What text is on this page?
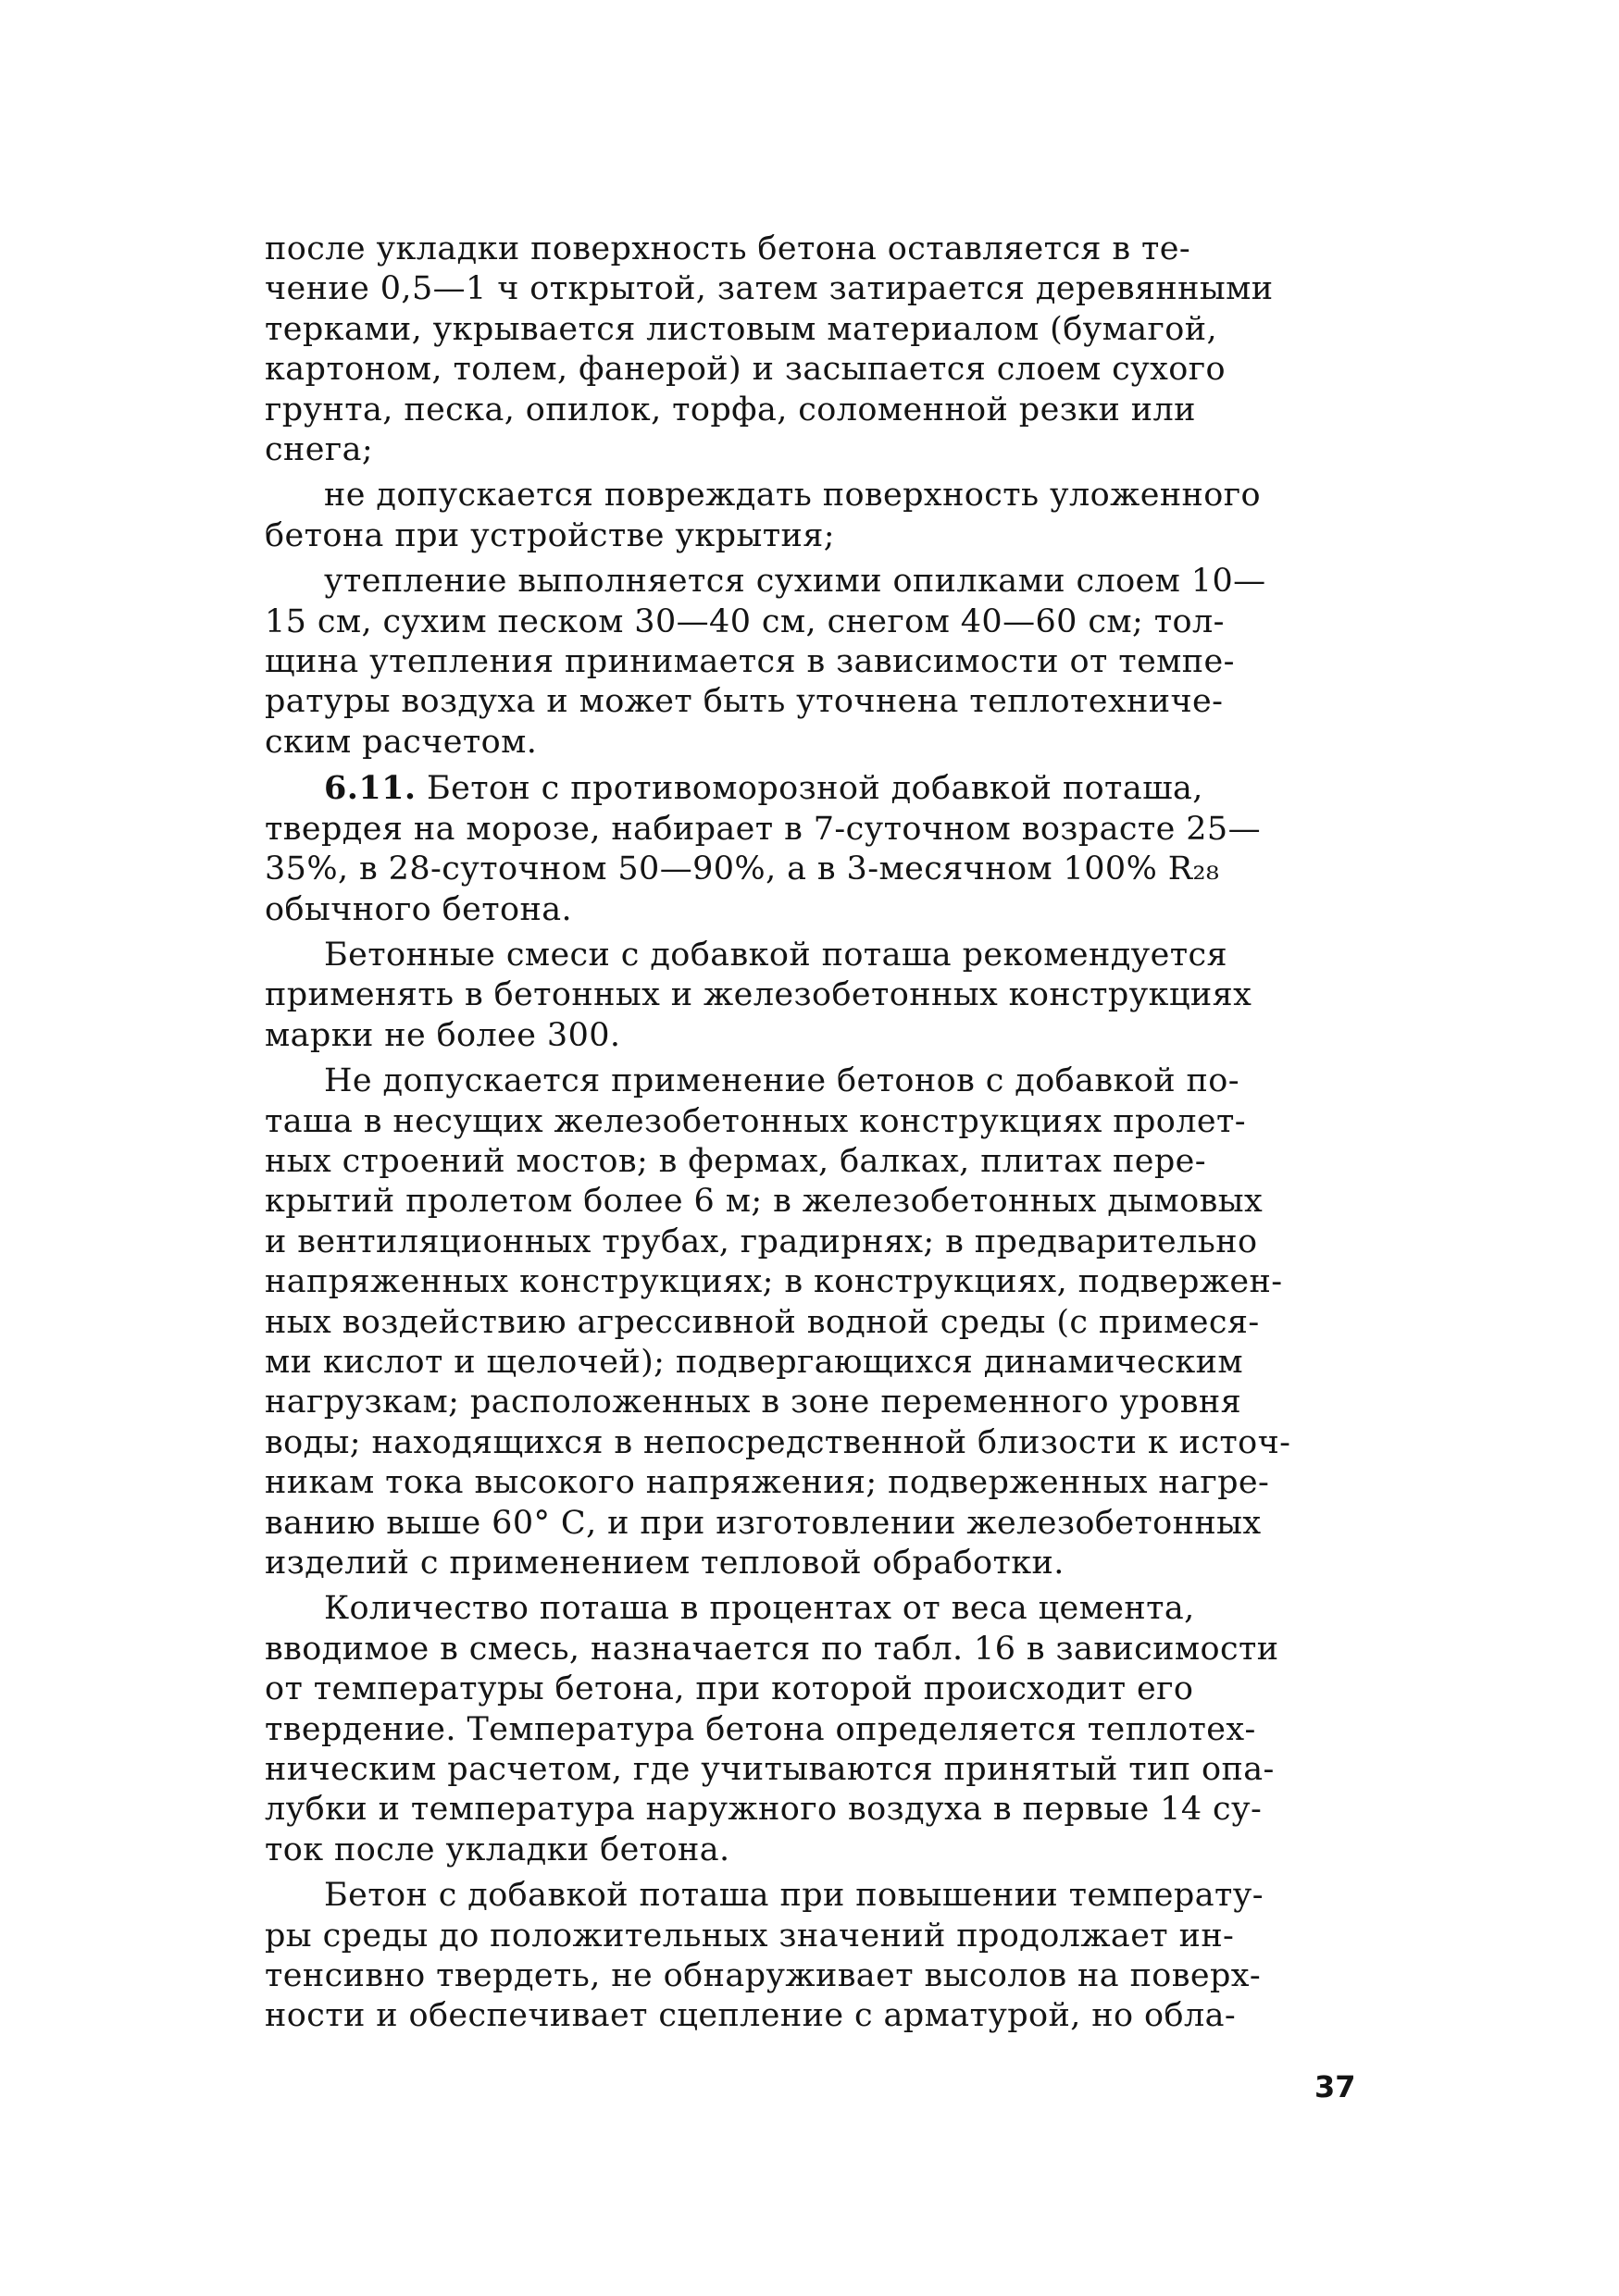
после укладки поверхность бетона оставляется в те-
чение 0,5—1 ч открытой, затем затирается деревянными
терками, укрывается листовым материалом (бумагой,
картоном, толем, фанерой) и засыпается слоем сухого
грунта, песка, опилок, торфа, соломенной резки или
снега;
не допускается повреждать поверхность уложенного
бетона при устройстве укрытия;
утепление выполняется сухими опилками слоем 10—
15 см, сухим песком 30—40 см, снегом 40—60 см; тол-
щина утепления принимается в зависимости от темпе-
ратуры воздуха и может быть уточнена теплотехниче-
ским расчетом.
6.11. Бетон с противоморозной добавкой поташа,
твердея на морозе, набирает в 7-суточном возрасте 25—
35%, в 28-суточном 50—90%, а в 3-месячном 100% R₂₈
обычного бетона.
Бетонные смеси с добавкой поташа рекомендуется
применять в бетонных и железобетонных конструкциях
марки не более 300.
Не допускается применение бетонов с добавкой по-
таша в несущих железобетонных конструкциях пролет-
ных строений мостов; в фермах, балках, плитах пере-
крытий пролетом более 6 м; в железобетонных дымовых
и вентиляционных трубах, градирнях; в предварительно
напряженных конструкциях; в конструкциях, подвержен-
ных воздействию агрессивной водной среды (с примеся-
ми кислот и щелочей); подвергающихся динамическим
нагрузкам; расположенных в зоне переменного уровня
воды; находящихся в непосредственной близости к источ-
никам тока высокого напряжения; подверженных нагре-
ванию выше 60° С, и при изготовлении железобетонных
изделий с применением тепловой обработки.
Количество поташа в процентах от веса цемента,
вводимое в смесь, назначается по табл. 16 в зависимости
от температуры бетона, при которой происходит его
твердение. Температура бетона определяется теплотех-
ническим расчетом, где учитываются принятый тип опа-
лубки и температура наружного воздуха в первые 14 су-
ток после укладки бетона.
Бетон с добавкой поташа при повышении температу-
ры среды до положительных значений продолжает ин-
тенсивно твердеть, не обнаруживает высолов на поверх-
ности и обеспечивает сцепление с арматурой, но обла-
37
